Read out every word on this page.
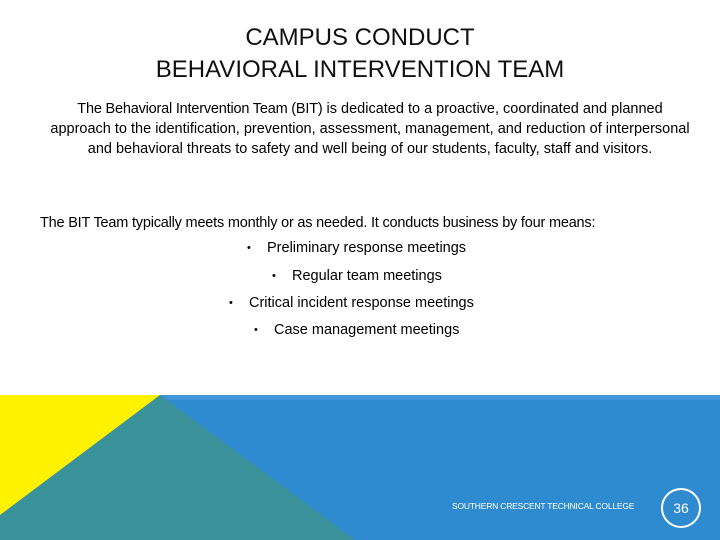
CAMPUS CONDUCT
BEHAVIORAL INTERVENTION TEAM
The Behavioral Intervention Team (BIT) is dedicated to a proactive, coordinated and planned approach to the identification, prevention, assessment, management, and reduction of interpersonal and behavioral threats to safety and well being of our students, faculty, staff and visitors.
The BIT Team typically meets monthly or as needed. It conducts business by four means:
• Preliminary response meetings
• Regular team meetings
• Critical incident response meetings
• Case management meetings
SOUTHERN CRESCENT TECHNICAL COLLEGE	36
